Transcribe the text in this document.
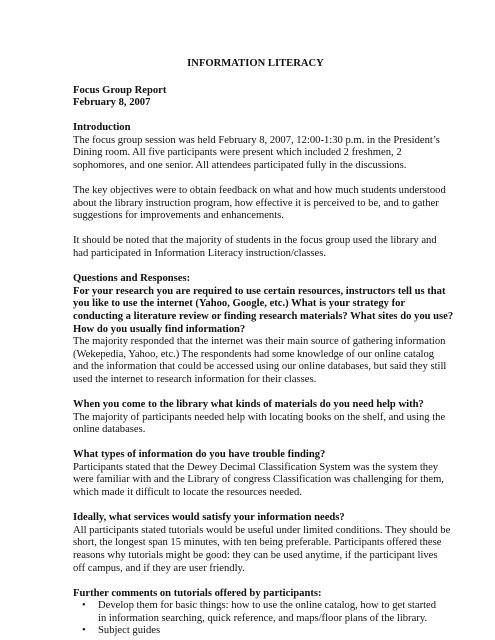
INFORMATION LITERACY
Focus Group Report
February 8, 2007
Introduction
The focus group session was held February 8, 2007, 12:00-1:30 p.m. in the President’s
Dining room. All five participants were present which included 2 freshmen, 2
sophomores, and one senior. All attendees participated fully in the discussions.
The key objectives were to obtain feedback on what and how much students understood
about the library instruction program, how effective it is perceived to be, and to gather
suggestions for improvements and enhancements.
It should be noted that the majority of students in the focus group used the library and
had participated in Information Literacy instruction/classes.
Questions and Responses:
For your research you are required to use certain resources, instructors tell us that
you like to use the internet (Yahoo, Google, etc.) What is your strategy for
conducting a literature review or finding research materials? What sites do you use?
How do you usually find information?
The majority responded that the internet was their main source of gathering information
(Wekepedia, Yahoo, etc.) The respondents had some knowledge of our online catalog
and the information that could be accessed using our online databases, but said they still
used the internet to research information for their classes.
When you come to the library what kinds of materials do you need help with?
The majority of participants needed help with locating books on the shelf, and using the
online databases.
What types of information do you have trouble finding?
Participants stated that the Dewey Decimal Classification System was the system they
were familiar with and the Library of congress Classification was challenging for them,
which made it difficult to locate the resources needed.
Ideally, what services would satisfy your information needs?
All participants stated tutorials would be useful under limited conditions. They should be
short, the longest span 15 minutes, with ten being preferable. Participants offered these
reasons why tutorials might be good: they can be used anytime, if the participant lives
off campus, and if they are user friendly.
Further comments on tutorials offered by participants:
• Develop them for basic things: how to use the online catalog, how to get started
in information searching, quick reference, and maps/floor plans of the library.
• Subject guides
